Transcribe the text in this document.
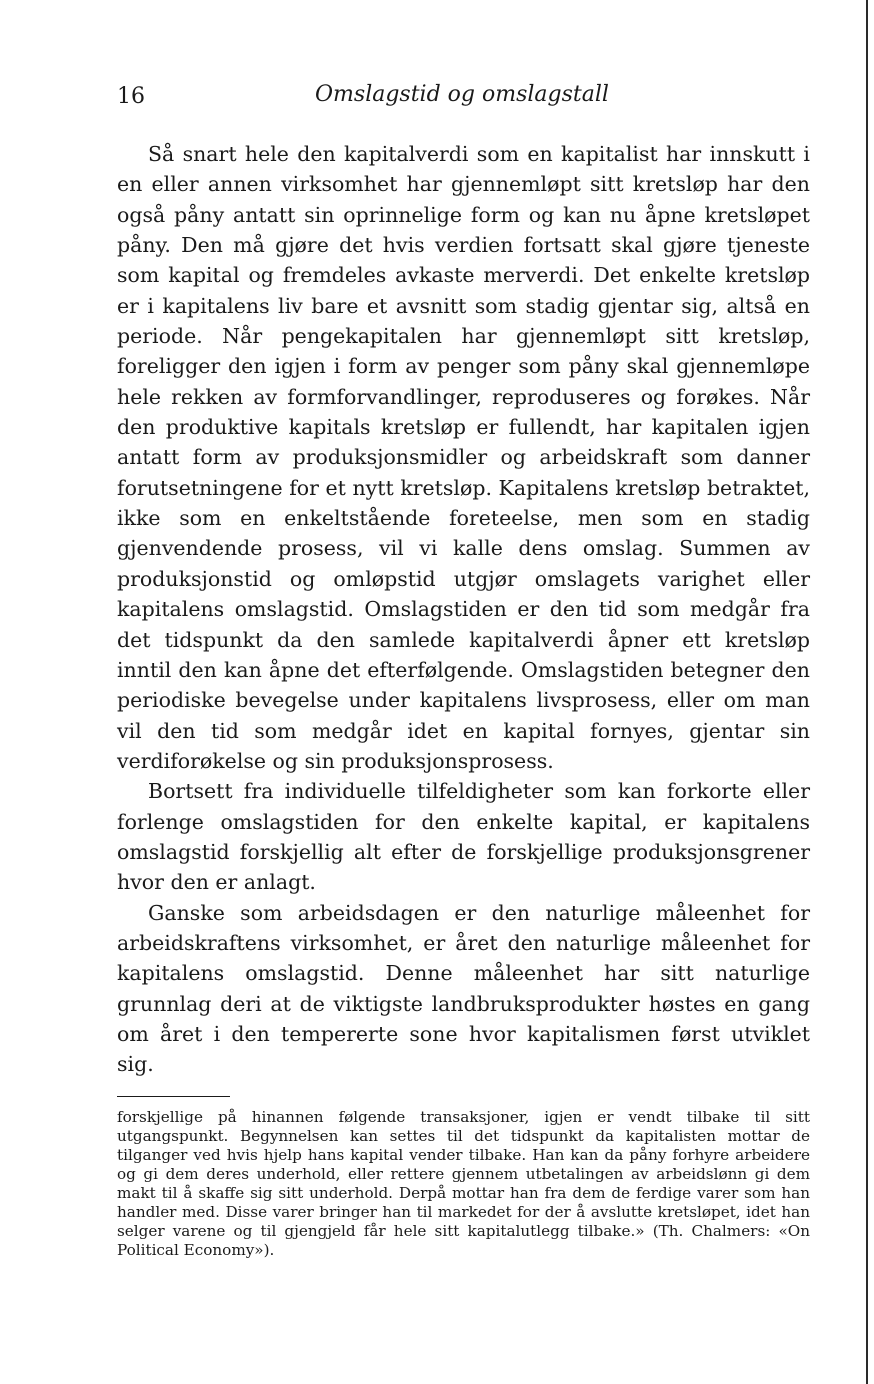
16	Omslagstid og omslagstall

Så snart hele den kapitalverdi som en kapitalist har innskutt i en eller annen virksomhet har gjennemløpt sitt kretsløp har den også påny antatt sin oprinnelige form og kan nu åpne kretsløpet påny. Den må gjøre det hvis verdien fortsatt skal gjøre tjeneste som kapital og fremdeles avkaste merverdi. Det enkelte kretsløp er i kapitalens liv bare et avsnitt som stadig gjentar sig, altså en periode. Når pengekapitalen har gjennemløpt sitt kretsløp, foreligger den igjen i form av penger som påny skal gjennemløpe hele rekken av formforvandlinger, reproduseres og forøkes. Når den produktive kapitals kretsløp er fullendt, har kapitalen igjen antatt form av produksjonsmidler og arbeidskraft som danner forutsetningene for et nytt kretsløp. Kapitalens kretsløp betraktet, ikke som en enkeltstående foreteelse, men som en stadig gjenvendende prosess, vil vi kalle dens omslag. Summen av produksjonstid og omløpstid utgjør omslagets varighet eller kapitalens omslagstid. Omslagstiden er den tid som medgår fra det tidspunkt da den samlede kapitalverdi åpner ett kretsløp inntil den kan åpne det efterfølgende. Omslagstiden betegner den periodiske bevegelse under kapitalens livsprosess, eller om man vil den tid som medgår idet en kapital fornyes, gjentar sin verdiforøkelse og sin produksjonsprosess.

Bortsett fra individuelle tilfeldigheter som kan forkorte eller forlenge omslagstiden for den enkelte kapital, er kapitalens omslagstid forskjellig alt efter de forskjellige produksjonsgrener hvor den er anlagt.

Ganske som arbeidsdagen er den naturlige måleenhet for arbeidskraftens virksomhet, er året den naturlige måleenhet for kapitalens omslagstid. Denne måleenhet har sitt naturlige grunnlag deri at de viktigste landbruksprodukter høstes en gang om året i den tempererte sone hvor kapitalismen først utviklet sig.

forskjellige på hinannen følgende transaksjoner, igjen er vendt tilbake til sitt utgangspunkt. Begynnelsen kan settes til det tidspunkt da kapitalisten mottar de tilganger ved hvis hjelp hans kapital vender tilbake. Han kan da påny forhyre arbeidere og gi dem deres underhold, eller rettere gjennem utbetalingen av arbeidslønn gi dem makt til å skaffe sig sitt underhold. Derpå mottar han fra dem de ferdige varer som han handler med. Disse varer bringer han til markedet for der å avslutte kretsløpet, idet han selger varene og til gjengjeld får hele sitt kapitalutlegg tilbake.» (Th. Chalmers: «On Political Economy»).
